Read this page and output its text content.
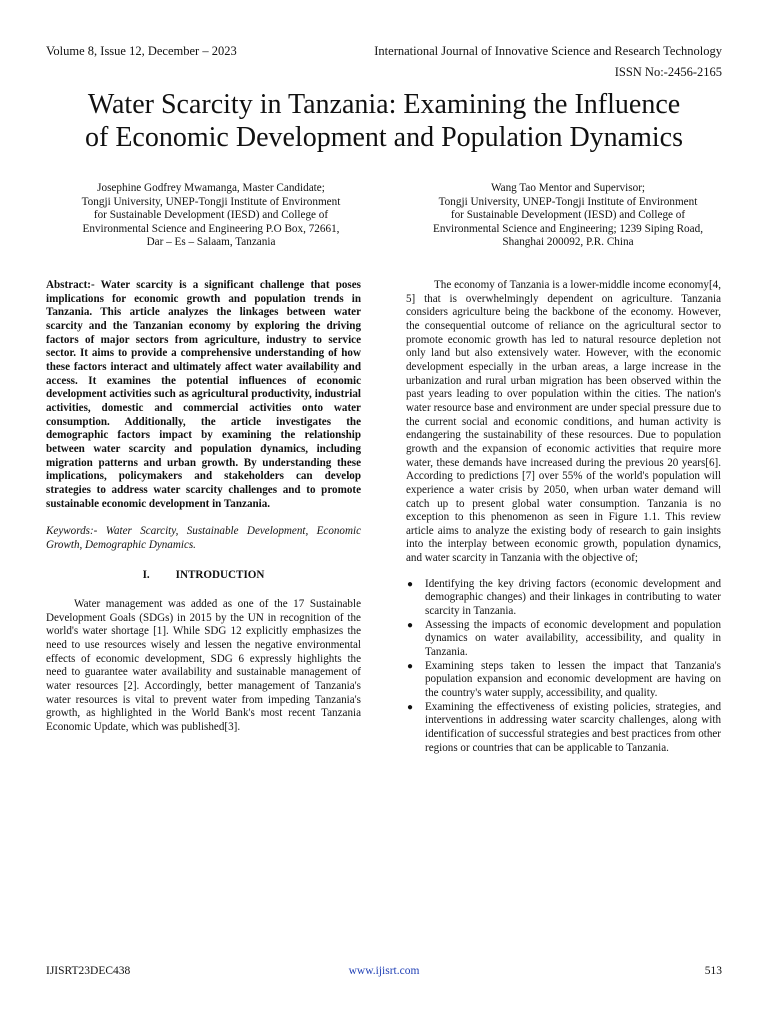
Volume 8, Issue 12, December – 2023	International Journal of Innovative Science and Research Technology
ISSN No:-2456-2165
Water Scarcity in Tanzania: Examining the Influence
of Economic Development and Population Dynamics
Josephine Godfrey Mwamanga, Master Candidate;
Tongji University, UNEP-Tongji Institute of Environment
for Sustainable Development (IESD) and College of
Environmental Science and Engineering P.O Box, 72661,
Dar – Es – Salaam, Tanzania
Wang Tao Mentor and Supervisor;
Tongji University, UNEP-Tongji Institute of Environment
for Sustainable Development (IESD) and College of
Environmental Science and Engineering; 1239 Siping Road,
Shanghai 200092, P.R. China

Abstract:- Water scarcity is a significant challenge that poses implications for economic growth and population trends in Tanzania. This article analyzes the linkages between water scarcity and the Tanzanian economy by exploring the driving factors of major sectors from agriculture, industry to service sector. It aims to provide a comprehensive understanding of how these factors interact and ultimately affect water availability and access. It examines the potential influences of economic development activities such as agricultural productivity, industrial activities, domestic and commercial activities onto water consumption. Additionally, the article investigates the demographic factors impact by examining the relationship between water scarcity and population dynamics, including migration patterns and urban growth. By understanding these implications, policymakers and stakeholders can develop strategies to address water scarcity challenges and to promote sustainable economic development in Tanzania.

Keywords:- Water Scarcity, Sustainable Development, Economic Growth, Demographic Dynamics.

I. INTRODUCTION

Water management was added as one of the 17 Sustainable Development Goals (SDGs) in 2015 by the UN in recognition of the world's water shortage [1]. While SDG 12 explicitly emphasizes the need to use resources wisely and lessen the negative environmental effects of economic development, SDG 6 expressly highlights the need to guarantee water availability and sustainable management of water resources [2]. Accordingly, better management of Tanzania's water resources is vital to prevent water from impeding Tanzania's growth, as highlighted in the World Bank's most recent Tanzania Economic Update, which was published[3].

The economy of Tanzania is a lower-middle income economy[4, 5] that is overwhelmingly dependent on agriculture. Tanzania considers agriculture being the backbone of the economy. However, the consequential outcome of reliance on the agricultural sector to promote economic growth has led to natural resource depletion not only land but also extensively water. However, with the economic development especially in the urban areas, a large increase in the urbanization and rural urban migration has been observed within the past years leading to over population within the cities. The nation's water resource base and environment are under special pressure due to the current social and economic conditions, and human activity is endangering the sustainability of these resources. Due to population growth and the expansion of economic activities that require more water, these demands have increased during the previous 20 years[6]. According to predictions [7] over 55% of the world's population will experience a water crisis by 2050, when urban water demand will catch up to present global water consumption. Tanzania is no exception to this phenomenon as seen in Figure 1.1. This review article aims to analyze the existing body of research to gain insights into the interplay between economic growth, population dynamics, and water scarcity in Tanzania with the objective of;

● Identifying the key driving factors (economic development and demographic changes) and their linkages in contributing to water scarcity in Tanzania.
● Assessing the impacts of economic development and population dynamics on water availability, accessibility, and quality in Tanzania.
● Examining steps taken to lessen the impact that Tanzania's population expansion and economic development are having on the country's water supply, accessibility, and quality.
● Examining the effectiveness of existing policies, strategies, and interventions in addressing water scarcity challenges, along with identification of successful strategies and best practices from other regions or countries that can be applicable to Tanzania.
IJISRT23DEC438	www.ijisrt.com	513
